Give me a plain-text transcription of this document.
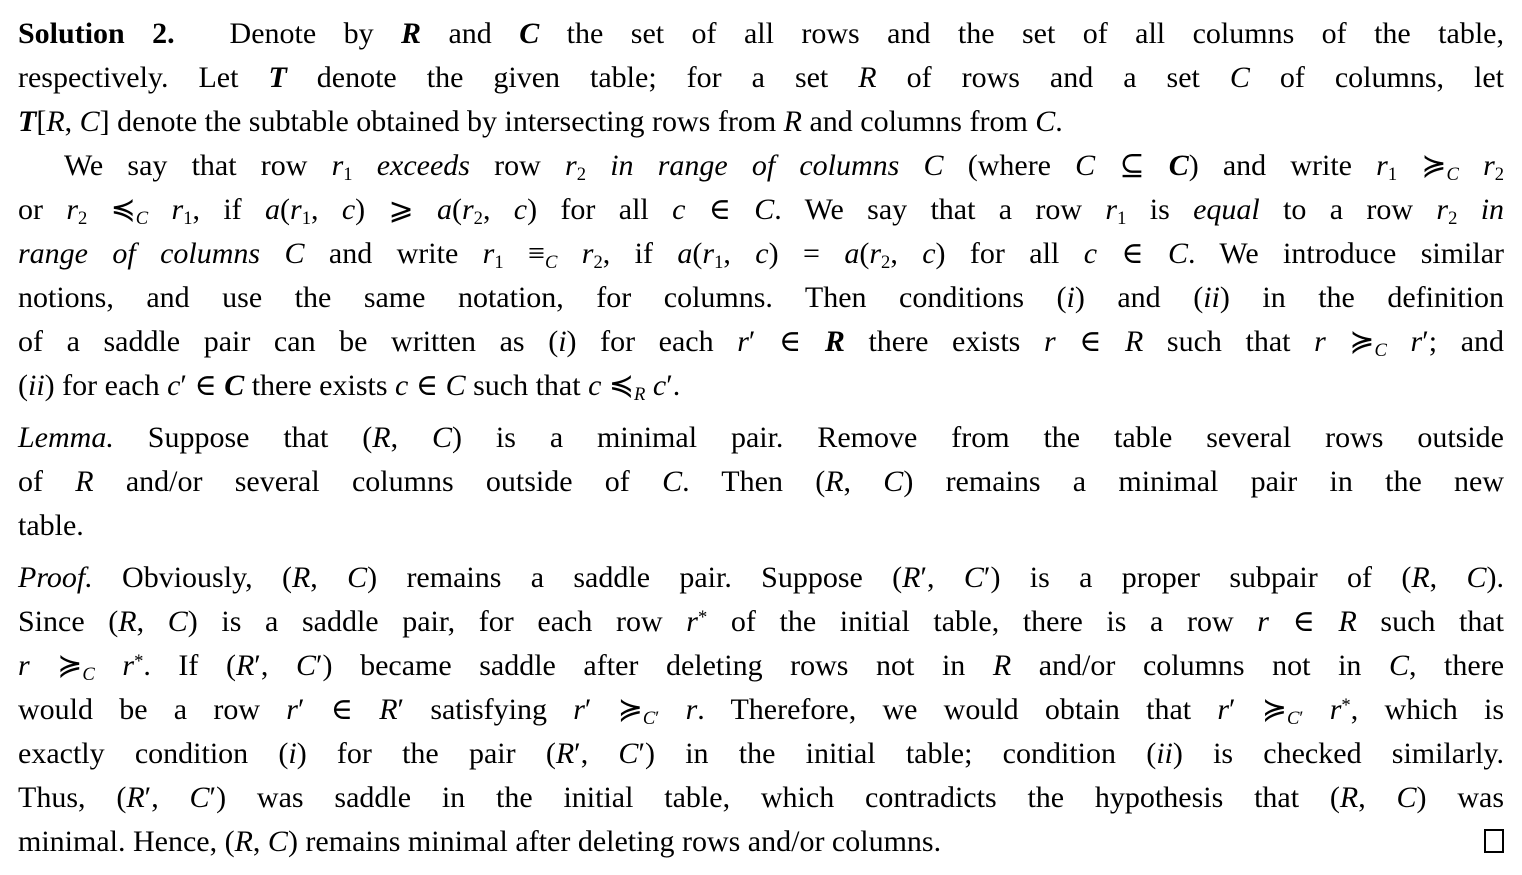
Solution 2.  Denote by R and C the set of all rows and the set of all columns of the table,
respectively. Let T denote the given table; for a set R of rows and a set C of columns, let
T[R, C] denote the subtable obtained by intersecting rows from R and columns from C.
We say that row $r_1$ exceeds row $r_2$ in range of columns C (where C ⊆ C) and write $r_1$ $≽_C$ $r_2$
or $r_2$ $≼_C$ $r_1$, if $a(r_1$, c) ⩾ $a(r_2$, c) for all c ∈ C. We say that a row $r_1$ is equal to a row $r_2$ in
range of columns C and write $r_1 \equiv_C$ $r_2$, if $a(r_1$, $c) = a(r_2$, c) for all c ∈ C. We introduce similar
notions, and use the same notation, for columns. Then conditions (i) and (ii) in the definition
of a saddle pair can be written as (i) for each r′ ∈ R there exists r ∈ R such that r $≽_C$ r′; and
(ii) for each c′ ∈ C there exists c ∈ C such that c $≼_R$ c′.
Lemma. Suppose that (R, C) is a minimal pair. Remove from the table several rows outside
of R and/or several columns outside of C. Then (R, C) remains a minimal pair in the new
table.
Proof. Obviously, (R, C) remains a saddle pair. Suppose (R′, C′) is a proper subpair of (R, C).
Since (R, C) is a saddle pair, for each row r* of the initial table, there is a row r ∈ R such that
r $≽_C$ r*. If (R′, C′) became saddle after deleting rows not in R and/or columns not in C, there
would be a row r′ ∈ R′ satisfying r′ $≽_{C'}$ r. Therefore, we would obtain that r′ $≽_{C'}$ r*, which is
exactly condition (i) for the pair (R′, C′) in the initial table; condition (ii) is checked similarly.
Thus, (R′, C′) was saddle in the initial table, which contradicts the hypothesis that (R, C) was
minimal. Hence, (R, C) remains minimal after deleting rows and/or columns.
